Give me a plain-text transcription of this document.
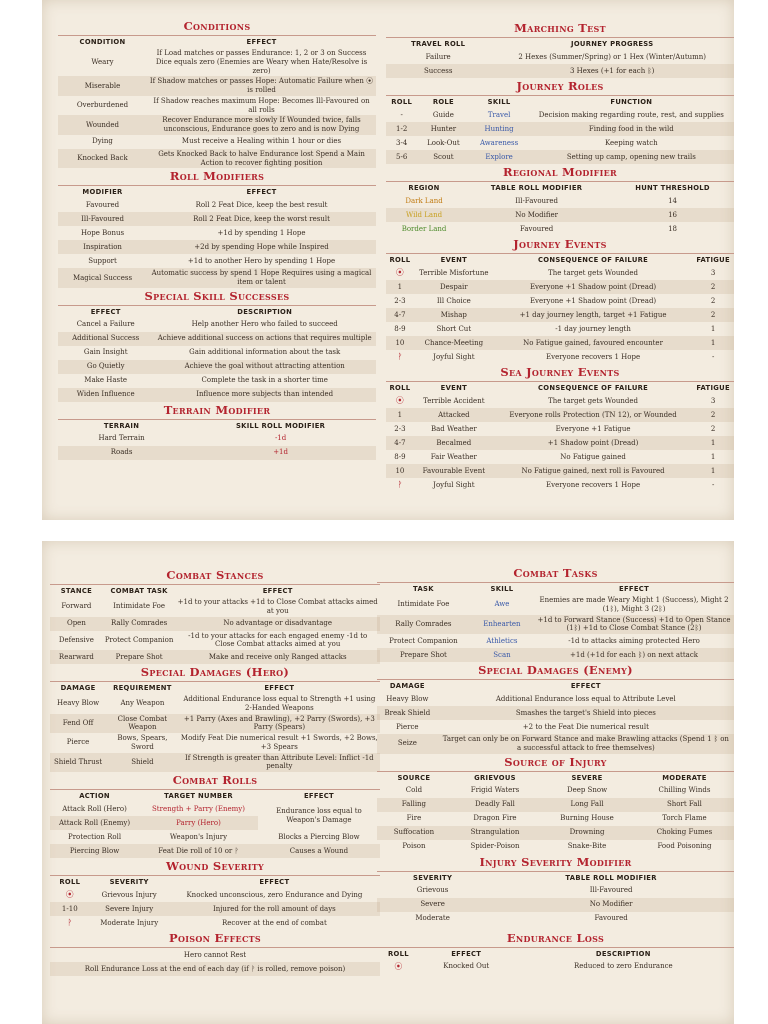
Conditions
CONDITION	EFFECT
Weary	If Load matches or passes Endurance: 1, 2 or 3 on Success Dice equals zero (Enemies are Weary when Hate/Resolve is zero)
Miserable	If Shadow matches or passes Hope: Automatic Failure when ⦿ is rolled
Overburdened	If Shadow reaches maximum Hope: Becomes Ill-Favoured on all rolls
Wounded	Recover Endurance more slowly If Wounded twice, falls unconscious, Endurance goes to zero and is now Dying
Dying	Must receive a Healing within 1 hour or dies
Knocked Back	Gets Knocked Back to halve Endurance lost Spend a Main Action to recover fighting position
Roll Modifiers
MODIFIER	EFFECT
Favoured	Roll 2 Feat Dice, keep the best result
Ill-Favoured	Roll 2 Feat Dice, keep the worst result
Hope Bonus	+1d by spending 1 Hope
Inspiration	+2d by spending Hope while Inspired
Support	+1d to another Hero by spending 1 Hope
Magical Success	Automatic success by spend 1 Hope Requires using a magical item or talent
Special Skill Successes
EFFECT	DESCRIPTION
Cancel a Failure	Help another Hero who failed to succeed
Additional Success	Achieve additional success on actions that requires multiple
Gain Insight	Gain additional information about the task
Go Quietly	Achieve the goal without attracting attention
Make Haste	Complete the task in a shorter time
Widen Influence	Influence more subjects than intended
Terrain Modifier
TERRAIN	SKILL ROLL MODIFIER
Hard Terrain	-1d
Roads	+1d
Marching Test
TRAVEL ROLL	JOURNEY PROGRESS
Failure	2 Hexes (Summer/Spring) or 1 Hex (Winter/Autumn)
Success	3 Hexes (+1 for each ᛒ)
Journey Roles
ROLL	ROLE	SKILL	FUNCTION
-	Guide	Travel	Decision making regarding route, rest, and supplies
1-2	Hunter	Hunting	Finding food in the wild
3-4	Look-Out	Awareness	Keeping watch
5-6	Scout	Explore	Setting up camp, opening new trails
Regional Modifier
REGION	TABLE ROLL MODIFIER	HUNT THRESHOLD
Dark Land	Ill-Favoured	14
Wild Land	No Modifier	16
Border Land	Favoured	18
Journey Events
ROLL	EVENT	CONSEQUENCE OF FAILURE	FATIGUE
⦿	Terrible Misfortune	The target gets Wounded	3
1	Despair	Everyone +1 Shadow point (Dread)	2
2-3	Ill Choice	Everyone +1 Shadow point (Dread)	2
4-7	Mishap	+1 day journey length, target +1 Fatigue	2
8-9	Short Cut	-1 day journey length	1
10	Chance-Meeting	No Fatigue gained, favoured encounter	1
ᚹ	Joyful Sight	Everyone recovers 1 Hope	-
Sea Journey Events
ROLL	EVENT	CONSEQUENCE OF FAILURE	FATIGUE
⦿	Terrible Accident	The target gets Wounded	3
1	Attacked	Everyone rolls Protection (TN 12), or Wounded	2
2-3	Bad Weather	Everyone +1 Fatigue	2
4-7	Becalmed	+1 Shadow point (Dread)	1
8-9	Fair Weather	No Fatigue gained	1
10	Favourable Event	No Fatigue gained, next roll is Favoured	1
ᚹ	Joyful Sight	Everyone recovers 1 Hope	-
Combat Stances
STANCE	COMBAT TASK	EFFECT
Forward	Intimidate Foe	+1d to your attacks +1d to Close Combat attacks aimed at you
Open	Rally Comrades	No advantage or disadvantage
Defensive	Protect Companion	-1d to your attacks for each engaged enemy -1d to Close Combat attacks aimed at you
Rearward	Prepare Shot	Make and receive only Ranged attacks
Special Damages (Hero)
DAMAGE	REQUIREMENT	EFFECT
Heavy Blow	Any Weapon	Additional Endurance loss equal to Strength +1 using 2-Handed Weapons
Fend Off	Close Combat Weapon	+1 Parry (Axes and Brawling), +2 Parry (Swords), +3 Parry (Spears)
Pierce	Bows, Spears, Sword	Modify Feat Die numerical result +1 Swords, +2 Bows, +3 Spears
Shield Thrust	Shield	If Strength is greater than Attribute Level: Inflict -1d penalty
Combat Rolls
ACTION	TARGET NUMBER	EFFECT
Attack Roll (Hero)	Strength + Parry (Enemy)	Endurance loss equal to Weapon's Damage
Attack Roll (Enemy)	Parry (Hero)	
Protection Roll	Weapon's Injury	Blocks a Piercing Blow
Piercing Blow	Feat Die roll of 10 or ᚹ	Causes a Wound
Wound Severity
ROLL	SEVERITY	EFFECT
⦿	Grievous Injury	Knocked unconscious, zero Endurance and Dying
1-10	Severe Injury	Injured for the roll amount of days
ᚹ	Moderate Injury	Recover at the end of combat
Poison Effects
Hero cannot Rest
Roll Endurance Loss at the end of each day (if ᚹ is rolled, remove poison)
Combat Tasks
TASK	SKILL	EFFECT
Intimidate Foe	Awe	Enemies are made Weary Might 1 (Success), Might 2 (1ᛒ), Might 3 (2ᛒ)
Rally Comrades	Enhearten	+1d to Forward Stance (Success) +1d to Open Stance (1ᛒ) +1d to Close Combat Stance (2ᛒ)
Protect Companion	Athletics	-1d to attacks aiming protected Hero
Prepare Shot	Scan	+1d (+1d for each ᛒ) on next attack
Special Damages (Enemy)
DAMAGE	EFFECT
Heavy Blow	Additional Endurance loss equal to Attribute Level
Break Shield	Smashes the target's Shield into pieces
Pierce	+2 to the Feat Die numerical result
Seize	Target can only be on Forward Stance and make Brawling attacks (Spend 1 ᛒ on a successful attack to free themselves)
Source of Injury
SOURCE	GRIEVOUS	SEVERE	MODERATE
Cold	Frigid Waters	Deep Snow	Chilling Winds
Falling	Deadly Fall	Long Fall	Short Fall
Fire	Dragon Fire	Burning House	Torch Flame
Suffocation	Strangulation	Drowning	Choking Fumes
Poison	Spider-Poison	Snake-Bite	Food Poisoning
Injury Severity Modifier
SEVERITY	TABLE ROLL MODIFIER
Grievous	Ill-Favoured
Severe	No Modifier
Moderate	Favoured
Endurance Loss
ROLL	EFFECT	DESCRIPTION
⦿	Knocked Out	Reduced to zero Endurance
